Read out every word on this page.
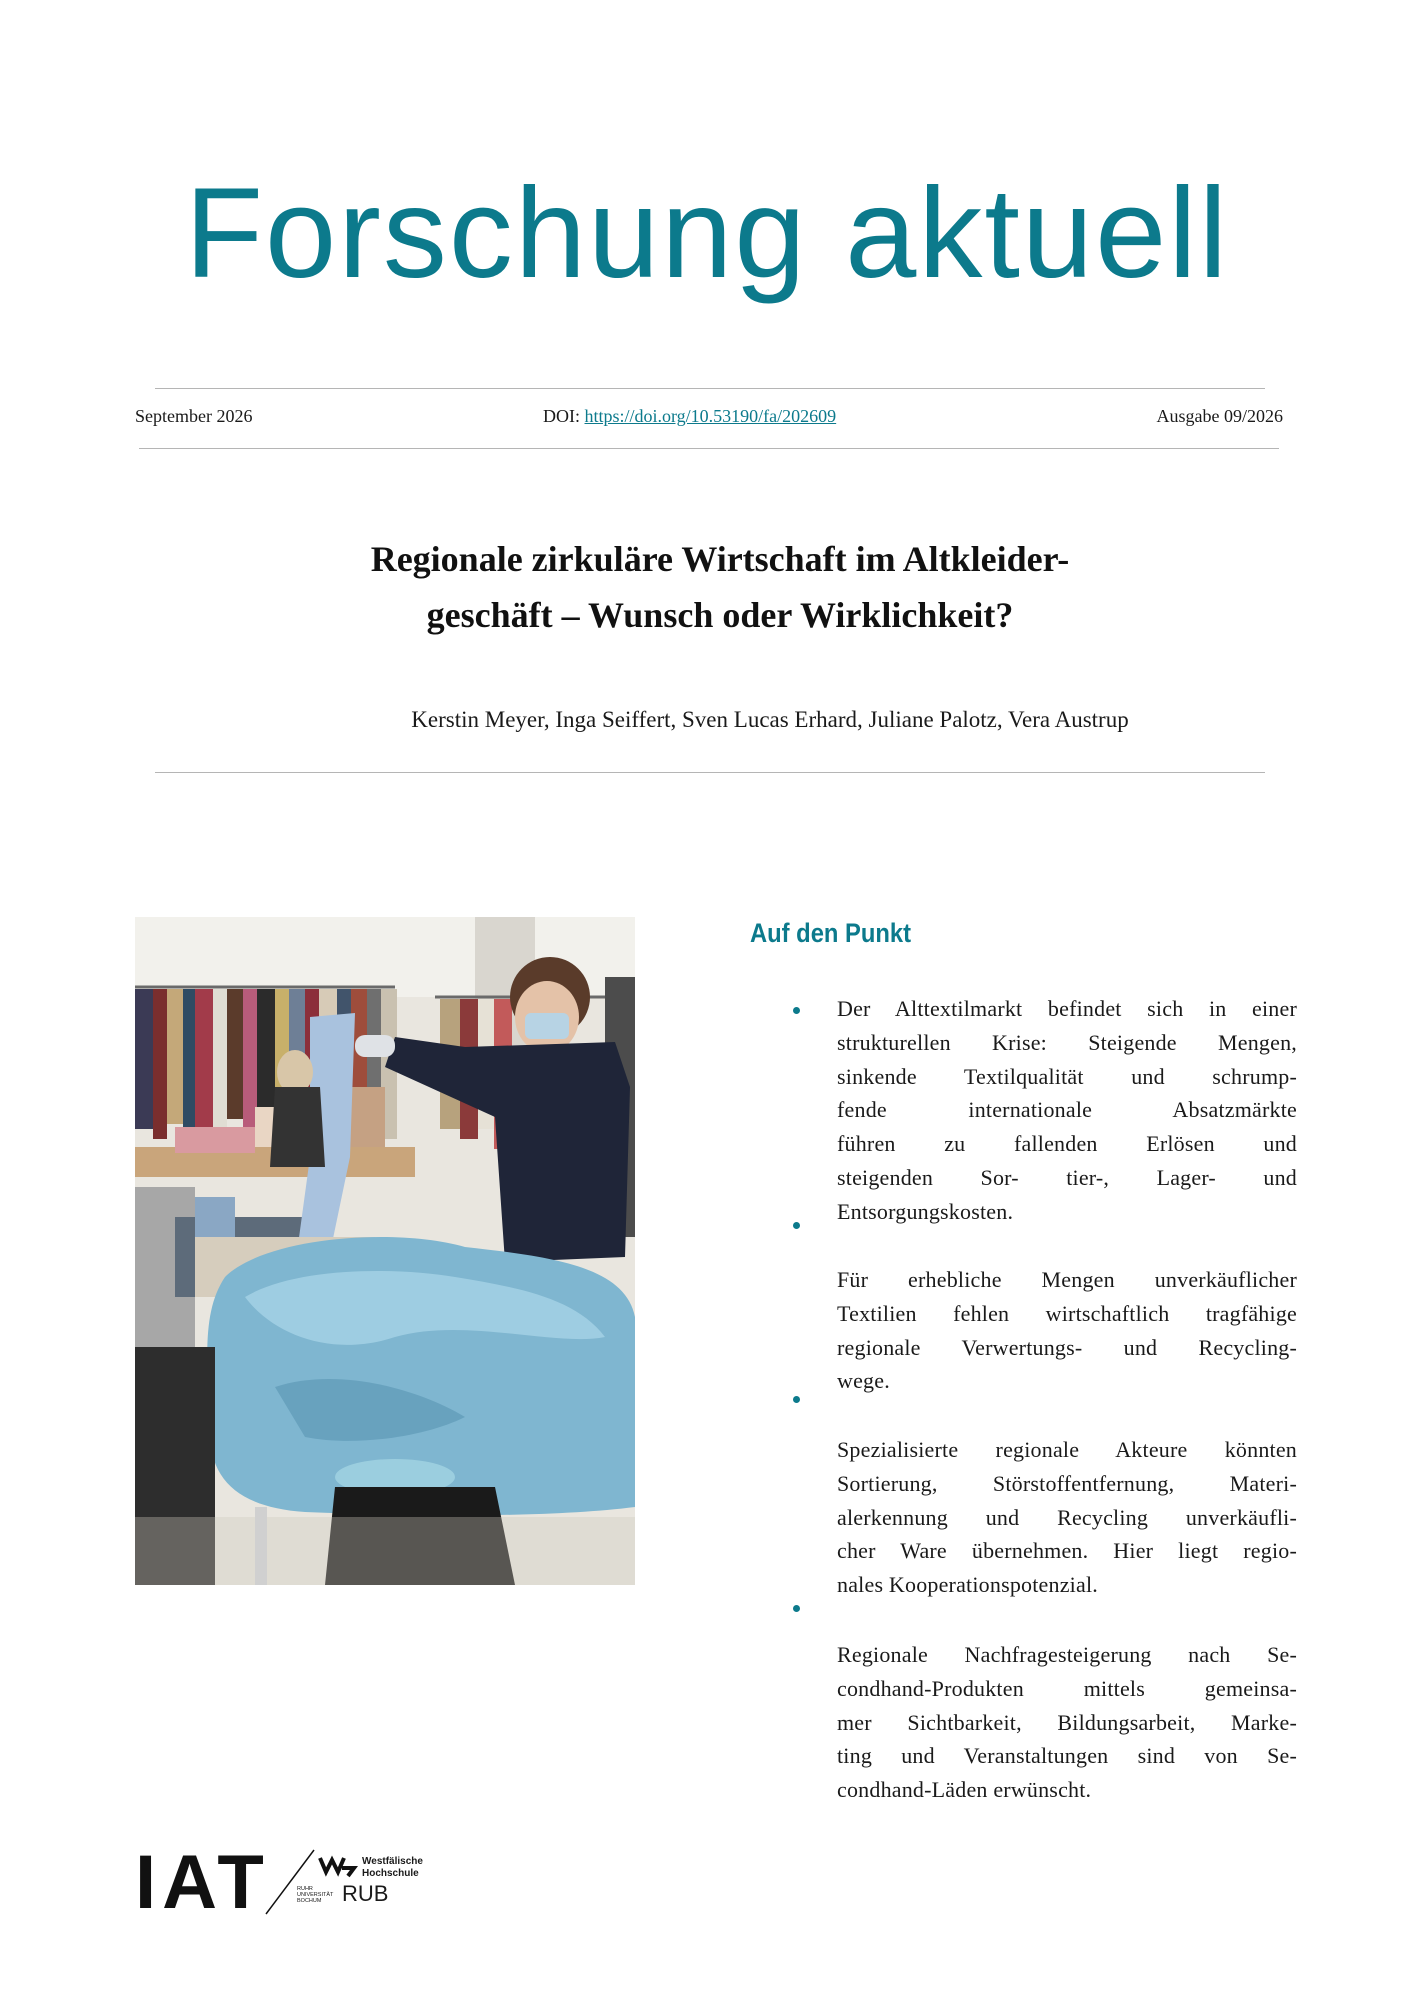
Forschung aktuell
September 2026	DOI: https://doi.org/10.53190/fa/202609	Ausgabe 09/2026
Regionale zirkuläre Wirtschaft im Altkleider-
geschäft – Wunsch oder Wirklichkeit?
Kerstin Meyer, Inga Seiffert, Sven Lucas Erhard, Juliane Palotz, Vera Austrup
Auf den Punkt
Der Alttextilmarkt befindet sich in einer
strukturellen Krise: Steigende Mengen,
sinkende Textilqualität und schrump-
fende internationale Absatzmärkte
führen zu fallenden Erlösen und
steigenden Sor- tier-, Lager- und
Entsorgungskosten.
Für erhebliche Mengen unverkäuflicher
Textilien fehlen wirtschaftlich tragfähige
regionale Verwertungs- und Recycling-
wege.
Spezialisierte regionale Akteure könnten
Sortierung, Störstoffentfernung, Materi-
alerkennung und Recycling unverkäufli-
cher Ware übernehmen. Hier liegt regio-
nales Kooperationspotenzial.
Regionale Nachfragesteigerung nach Se-
condhand-Produkten mittels gemeinsa-
mer Sichtbarkeit, Bildungsarbeit, Marke-
ting und Veranstaltungen sind von Se-
condhand-Läden erwünscht.
IAT	Westfälische
Hochschule
RUHR
UNIVERSITÄT
BOCHUM RUB
